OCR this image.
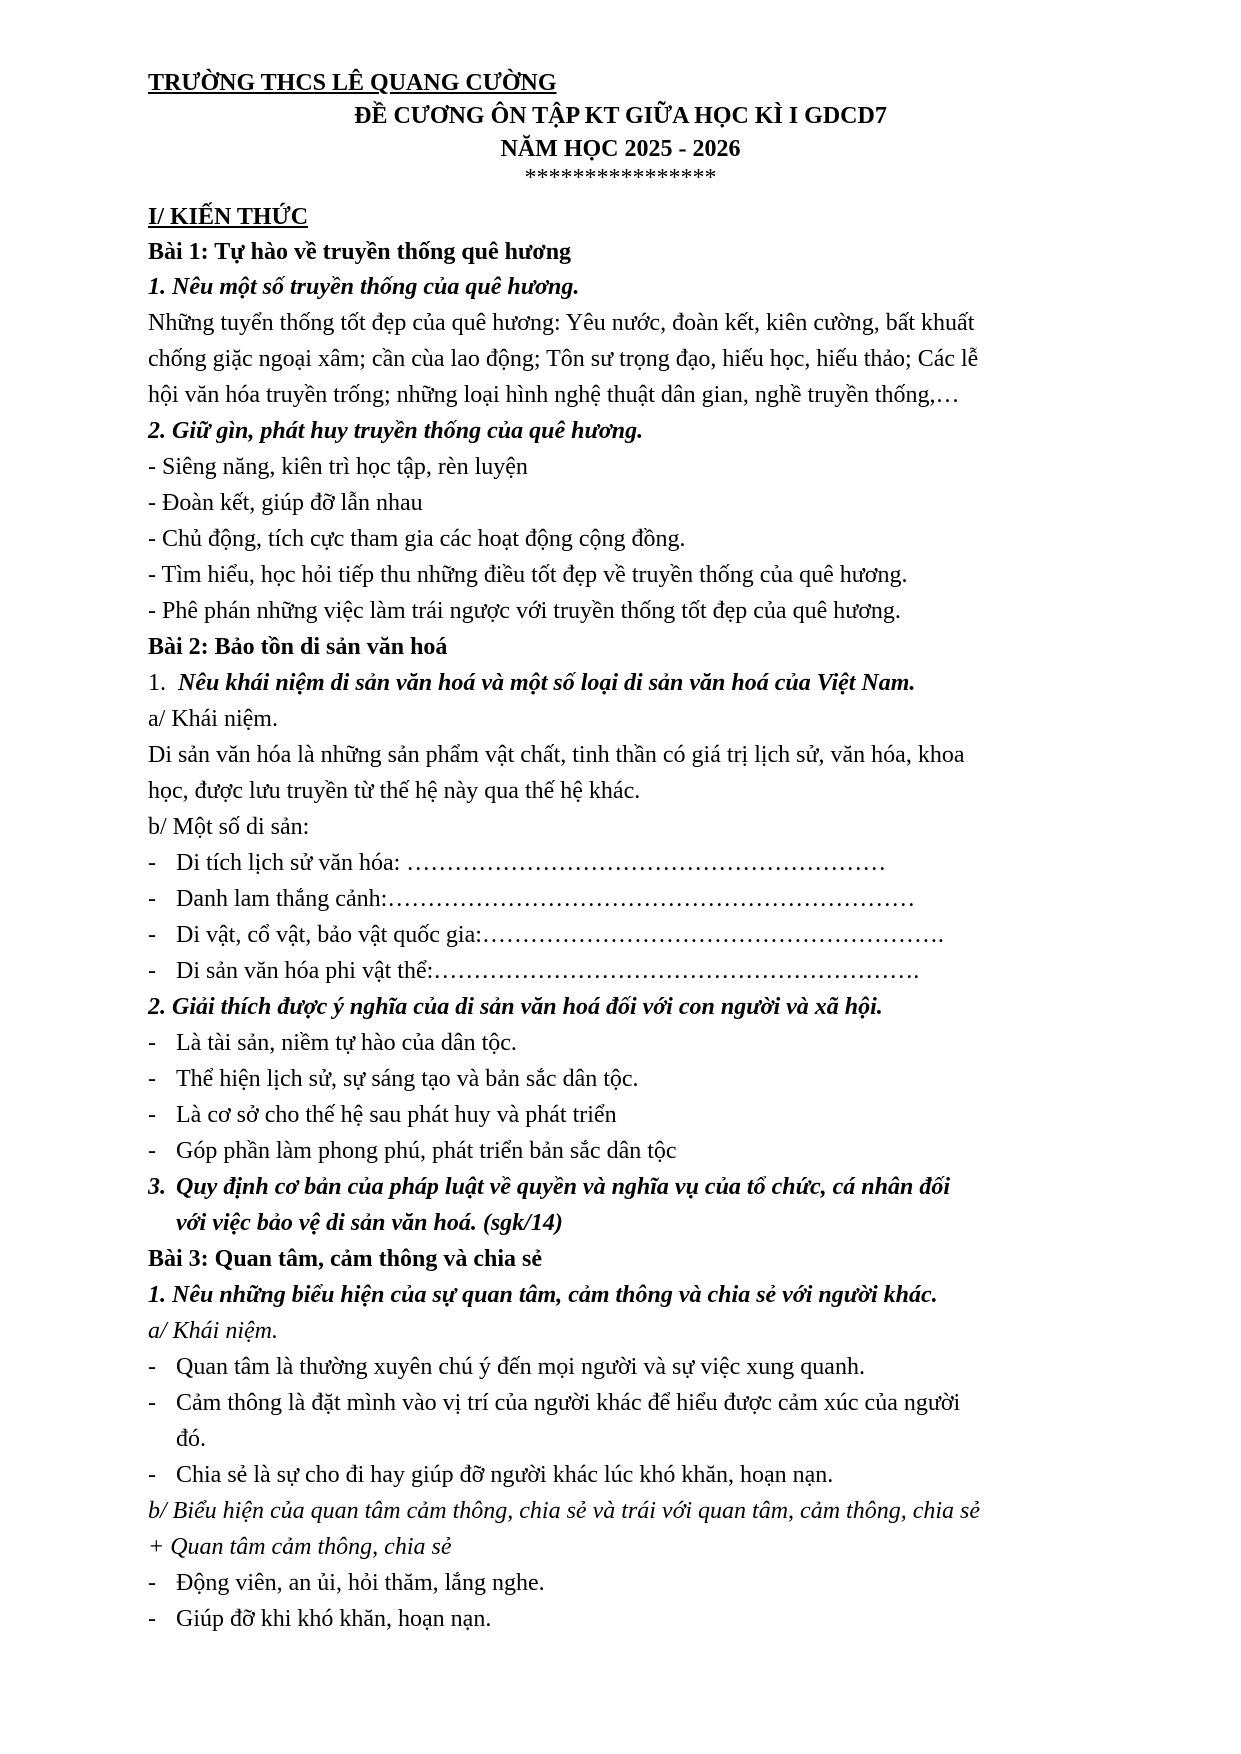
TRƯỜNG THCS LÊ QUANG CƯỜNG

ĐỀ CƯƠNG ÔN TẬP KT GIỮA HỌC KÌ I GDCD7

NĂM HỌC 2025 - 2026

****************

I/ KIẾN THỨC

Bài 1: Tự hào về truyền thống quê hương

1. Nêu một số truyền thống của quê hương.

Những tuyển thống tốt đẹp của quê hương: Yêu nước, đoàn kết, kiên cường, bất khuất

chống giặc ngoại xâm; cần cùa lao động; Tôn sư trọng đạo, hiếu học, hiếu thảo; Các lễ

hội văn hóa truyền trống; những loại hình nghệ thuật dân gian, nghề truyền thống,…

2. Giữ gìn, phát huy truyền thống của quê hương.

- Siêng năng, kiên trì học tập, rèn luyện

- Đoàn kết, giúp đỡ lẫn nhau

- Chủ động, tích cực tham gia các hoạt động cộng đồng.

- Tìm hiểu, học hỏi tiếp thu những điều tốt đẹp về truyền thống của quê hương.

- Phê phán những việc làm trái ngược với truyền thống tốt đẹp của quê hương.

Bài 2: Bảo tồn di sản văn hoá

1. Nêu khái niệm di sản văn hoá và một số loại di sản văn hoá của Việt Nam.

a/ Khái niệm.

Di sản văn hóa là những sản phẩm vật chất, tinh thần có giá trị lịch sử, văn hóa, khoa

học, được lưu truyền từ thế hệ này qua thế hệ khác.

b/ Một số di sản:

- Di tích lịch sử văn hóa: ……………………………………………………

- Danh lam thắng cảnh:…………………………………………………………

- Di vật, cổ vật, bảo vật quốc gia:………………………………………………….

- Di sản văn hóa phi vật thể:…………………………………………………….

2. Giải thích được ý nghĩa của di sản văn hoá đối với con người và xã hội.

- Là tài sản, niềm tự hào của dân tộc.

- Thể hiện lịch sử, sự sáng tạo và bản sắc dân tộc.

- Là cơ sở cho thế hệ sau phát huy và phát triển

- Góp phần làm phong phú, phát triển bản sắc dân tộc

3. Quy định cơ bản của pháp luật về quyền và nghĩa vụ của tổ chức, cá nhân đối

với việc bảo vệ di sản văn hoá. (sgk/14)

Bài 3: Quan tâm, cảm thông và chia sẻ

1. Nêu những biểu hiện của sự quan tâm, cảm thông và chia sẻ với người khác.

a/ Khái niệm.

- Quan tâm là thường xuyên chú ý đến mọi người và sự việc xung quanh.

- Cảm thông là đặt mình vào vị trí của người khác để hiểu được cảm xúc của người

đó.

- Chia sẻ là sự cho đi hay giúp đỡ người khác lúc khó khăn, hoạn nạn.

b/ Biểu hiện của quan tâm cảm thông, chia sẻ và trái với quan tâm, cảm thông, chia sẻ

+ Quan tâm cảm thông, chia sẻ

- Động viên, an ủi, hỏi thăm, lắng nghe.

- Giúp đỡ khi khó khăn, hoạn nạn.
